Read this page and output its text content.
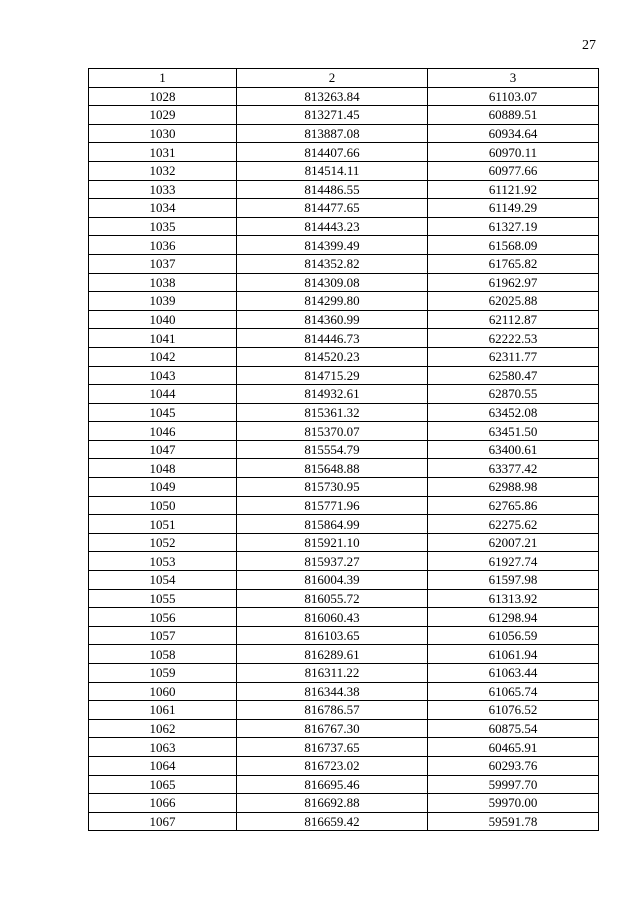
27
1	2	3
1028	813263.84	61103.07
1029	813271.45	60889.51
1030	813887.08	60934.64
1031	814407.66	60970.11
1032	814514.11	60977.66
1033	814486.55	61121.92
1034	814477.65	61149.29
1035	814443.23	61327.19
1036	814399.49	61568.09
1037	814352.82	61765.82
1038	814309.08	61962.97
1039	814299.80	62025.88
1040	814360.99	62112.87
1041	814446.73	62222.53
1042	814520.23	62311.77
1043	814715.29	62580.47
1044	814932.61	62870.55
1045	815361.32	63452.08
1046	815370.07	63451.50
1047	815554.79	63400.61
1048	815648.88	63377.42
1049	815730.95	62988.98
1050	815771.96	62765.86
1051	815864.99	62275.62
1052	815921.10	62007.21
1053	815937.27	61927.74
1054	816004.39	61597.98
1055	816055.72	61313.92
1056	816060.43	61298.94
1057	816103.65	61056.59
1058	816289.61	61061.94
1059	816311.22	61063.44
1060	816344.38	61065.74
1061	816786.57	61076.52
1062	816767.30	60875.54
1063	816737.65	60465.91
1064	816723.02	60293.76
1065	816695.46	59997.70
1066	816692.88	59970.00
1067	816659.42	59591.78
